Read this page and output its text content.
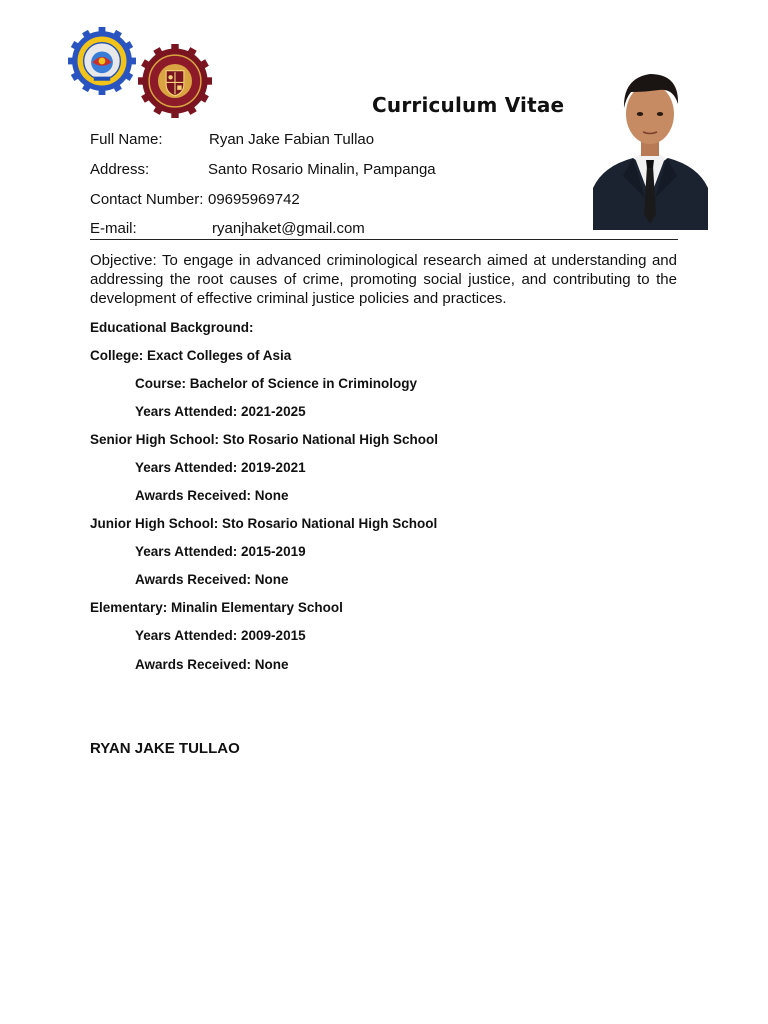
Curriculum Vitae
Full Name:	Ryan Jake Fabian Tullao
Address:	Santo Rosario Minalin, Pampanga
Contact Number: 09695969742
E-mail:	ryanjhaket@gmail.com
Objective: To engage in advanced criminological research aimed at understanding and addressing the root causes of crime, promoting social justice, and contributing to the development of effective criminal justice policies and practices.
Educational Background:
College: Exact Colleges of Asia
Course: Bachelor of Science in Criminology
Years Attended: 2021-2025
Senior High School: Sto Rosario National High School
Years Attended: 2019-2021
Awards Received: None
Junior High School: Sto Rosario National High School
Years Attended: 2015-2019
Awards Received: None
Elementary: Minalin Elementary School
Years Attended: 2009-2015
Awards Received: None
RYAN JAKE TULLAO
